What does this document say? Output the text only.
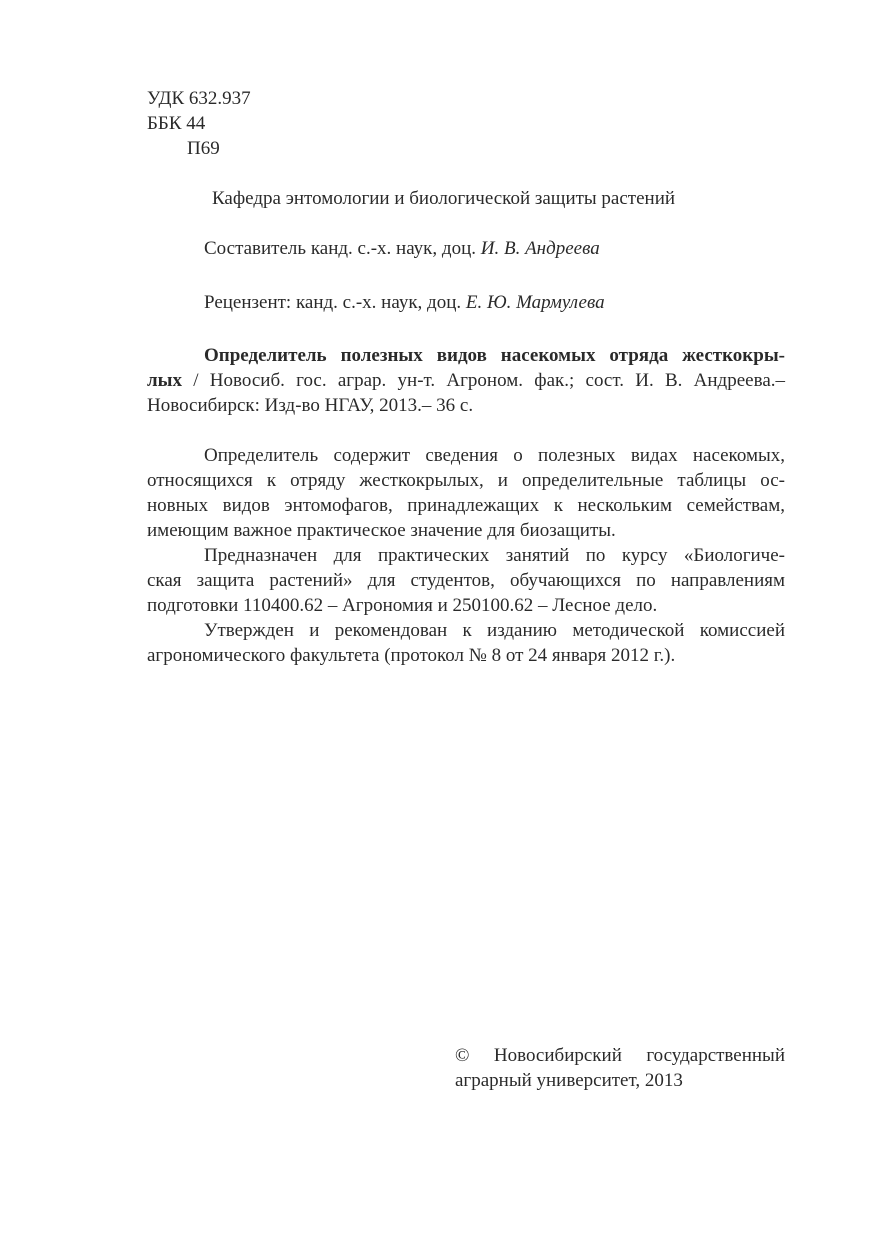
УДК 632.937
ББК 44
П69
Кафедра энтомологии и биологической защиты растений
Составитель канд. с.-х. наук, доц. И. В. Андреева
Рецензент: канд. с.-х. наук, доц. Е. Ю. Мармулева
Определитель полезных видов насекомых отряда жесткокры-
лых / Новосиб. гос. аграр. ун-т. Агроном. фак.; сост. И. В. Андреева.–
Новосибирск: Изд-во НГАУ, 2013.– 36 с.
Определитель содержит сведения о полезных видах насекомых,
относящихся к отряду жесткокрылых, и определительные таблицы ос-
новных видов энтомофагов, принадлежащих к нескольким семействам,
имеющим важное практическое значение для биозащиты.
Предназначен для практических занятий по курсу «Биологиче-
ская защита растений» для студентов, обучающихся по направлениям
подготовки 110400.62 – Агрономия и 250100.62 – Лесное дело.
Утвержден и рекомендован к изданию методической комиссией
агрономического факультета (протокол № 8 от 24 января 2012 г.).
© Новосибирский государственный
аграрный университет, 2013
